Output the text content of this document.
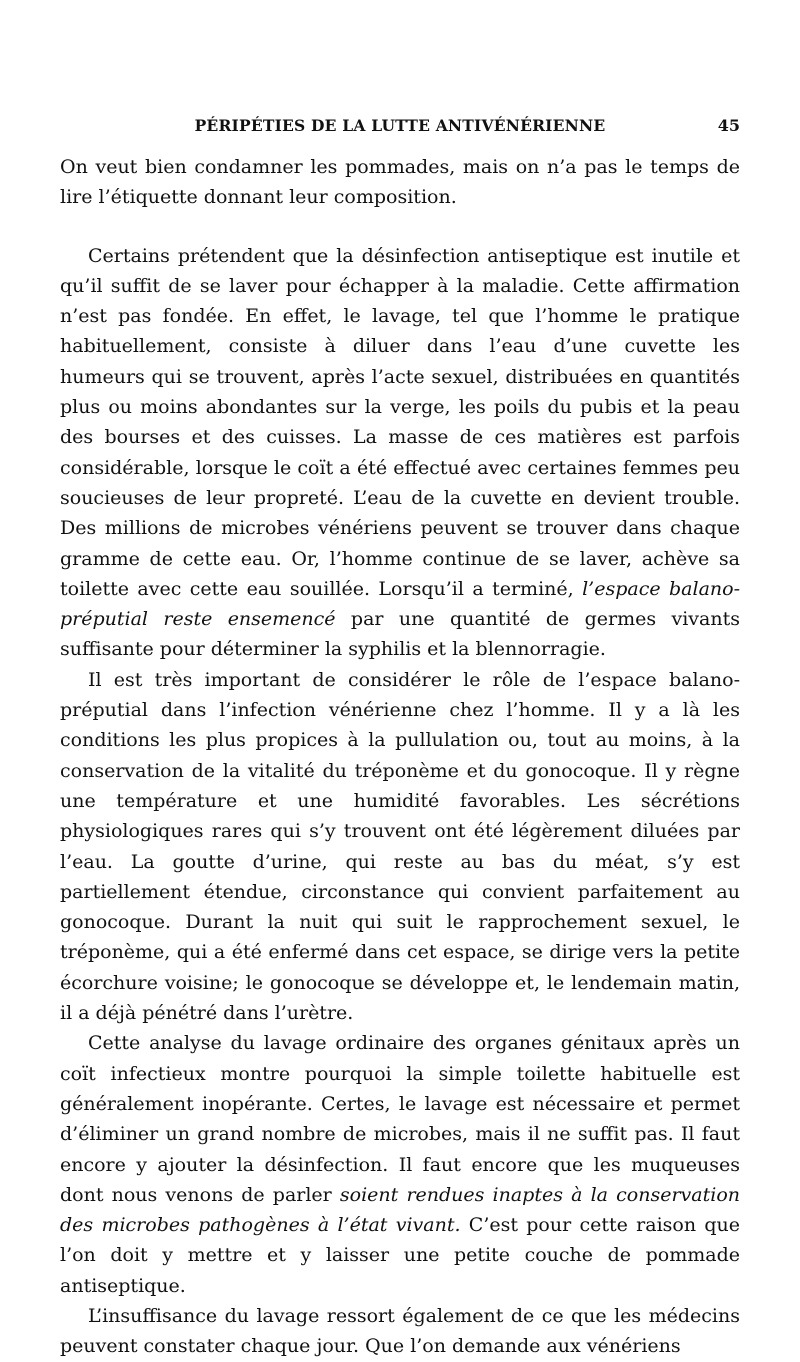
PÉRIPÉTIES DE LA LUTTE ANTIVÉNÉRIENNE	45

On veut bien condamner les pommades, mais on n’a pas le temps de lire l’étiquette donnant leur composition.

Certains prétendent que la désinfection antiseptique est inutile et qu’il suffit de se laver pour échapper à la maladie. Cette affirmation n’est pas fondée. En effet, le lavage, tel que l’homme le pratique habituellement, consiste à diluer dans l’eau d’une cuvette les humeurs qui se trouvent, après l’acte sexuel, distribuées en quantités plus ou moins abondantes sur la verge, les poils du pubis et la peau des bourses et des cuisses. La masse de ces matières est parfois considérable, lorsque le coït a été effectué avec certaines femmes peu soucieuses de leur propreté. L’eau de la cuvette en devient trouble. Des millions de microbes vénériens peuvent se trouver dans chaque gramme de cette eau. Or, l’homme continue de se laver, achève sa toilette avec cette eau souillée. Lorsqu’il a terminé, l’espace balano-préputial reste ensemencé par une quantité de germes vivants suffisante pour déterminer la syphilis et la blennorragie.

Il est très important de considérer le rôle de l’espace balano-préputial dans l’infection vénérienne chez l’homme. Il y a là les conditions les plus propices à la pullulation ou, tout au moins, à la conservation de la vitalité du tréponème et du gonocoque. Il y règne une température et une humidité favorables. Les sécrétions physiologiques rares qui s’y trouvent ont été légèrement diluées par l’eau. La goutte d’urine, qui reste au bas du méat, s’y est partiellement étendue, circonstance qui convient parfaitement au gonocoque. Durant la nuit qui suit le rapprochement sexuel, le tréponème, qui a été enfermé dans cet espace, se dirige vers la petite écorchure voisine; le gonocoque se développe et, le lendemain matin, il a déjà pénétré dans l’urètre.

Cette analyse du lavage ordinaire des organes génitaux après un coït infectieux montre pourquoi la simple toilette habituelle est généralement inopérante. Certes, le lavage est nécessaire et permet d’éliminer un grand nombre de microbes, mais il ne suffit pas. Il faut encore y ajouter la désinfection. Il faut encore que les muqueuses dont nous venons de parler soient rendues inaptes à la conservation des microbes pathogènes à l’état vivant. C’est pour cette raison que l’on doit y mettre et y laisser une petite couche de pommade antiseptique.

L’insuffisance du lavage ressort également de ce que les médecins peuvent constater chaque jour. Que l’on demande aux vénériens
